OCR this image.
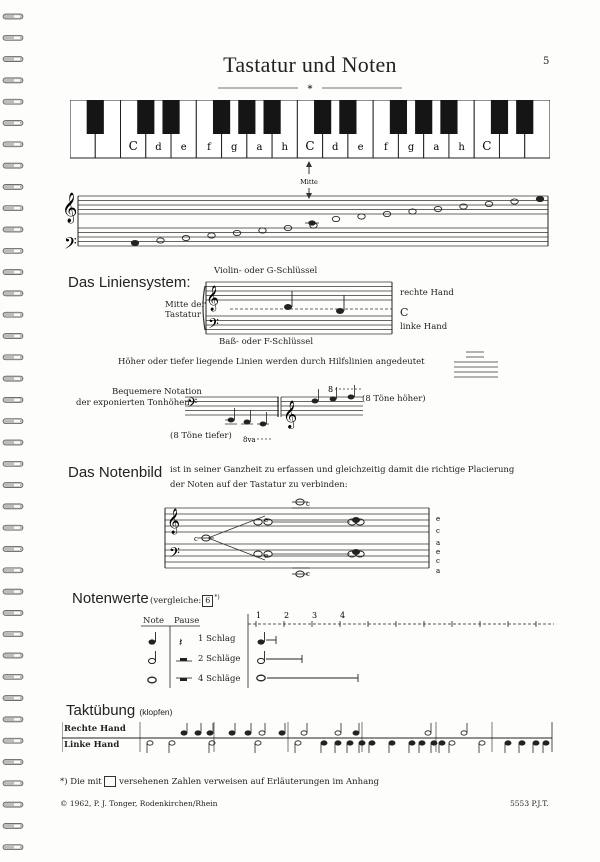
Tastatur und Noten	5
*
C d e f g a h C d e f g a h C
Mitte
𝄞
𝄢
Das Liniensystem:
Violin- oder G-Schlüssel
Mitte der
Tastatur
rechte Hand
C
linke Hand
Baß- oder F-Schlüssel
𝄞
𝄢
Höher oder tiefer liegende Linien werden durch Hilfslinien angedeutet
Bequemere Notation
der exponierten Tonhöhen:	(8 Töne höher)
(8 Töne tiefer)
𝄢	𝄞
8
8va
Das Notenbild ist in seiner Ganzheit zu erfassen und gleichzeitig damit die richtige Placierung
der Noten auf der Tastatur zu verbinden:
𝄞
𝄢
c
e
c
e
c
e
c
a
e
c
a
Notenwerte (vergleiche: 6 *)
Note Pause
1 Schlag
2 Schläge
4 Schläge
1	2	3	4
𝄽
Taktübung (klopfen)
Rechte Hand
Linke Hand
*) Die mit versehenen Zahlen verweisen auf Erläuterungen im Anhang
© 1962, P. J. Tonger, Rodenkirchen/Rhein	5553 P.J.T.
